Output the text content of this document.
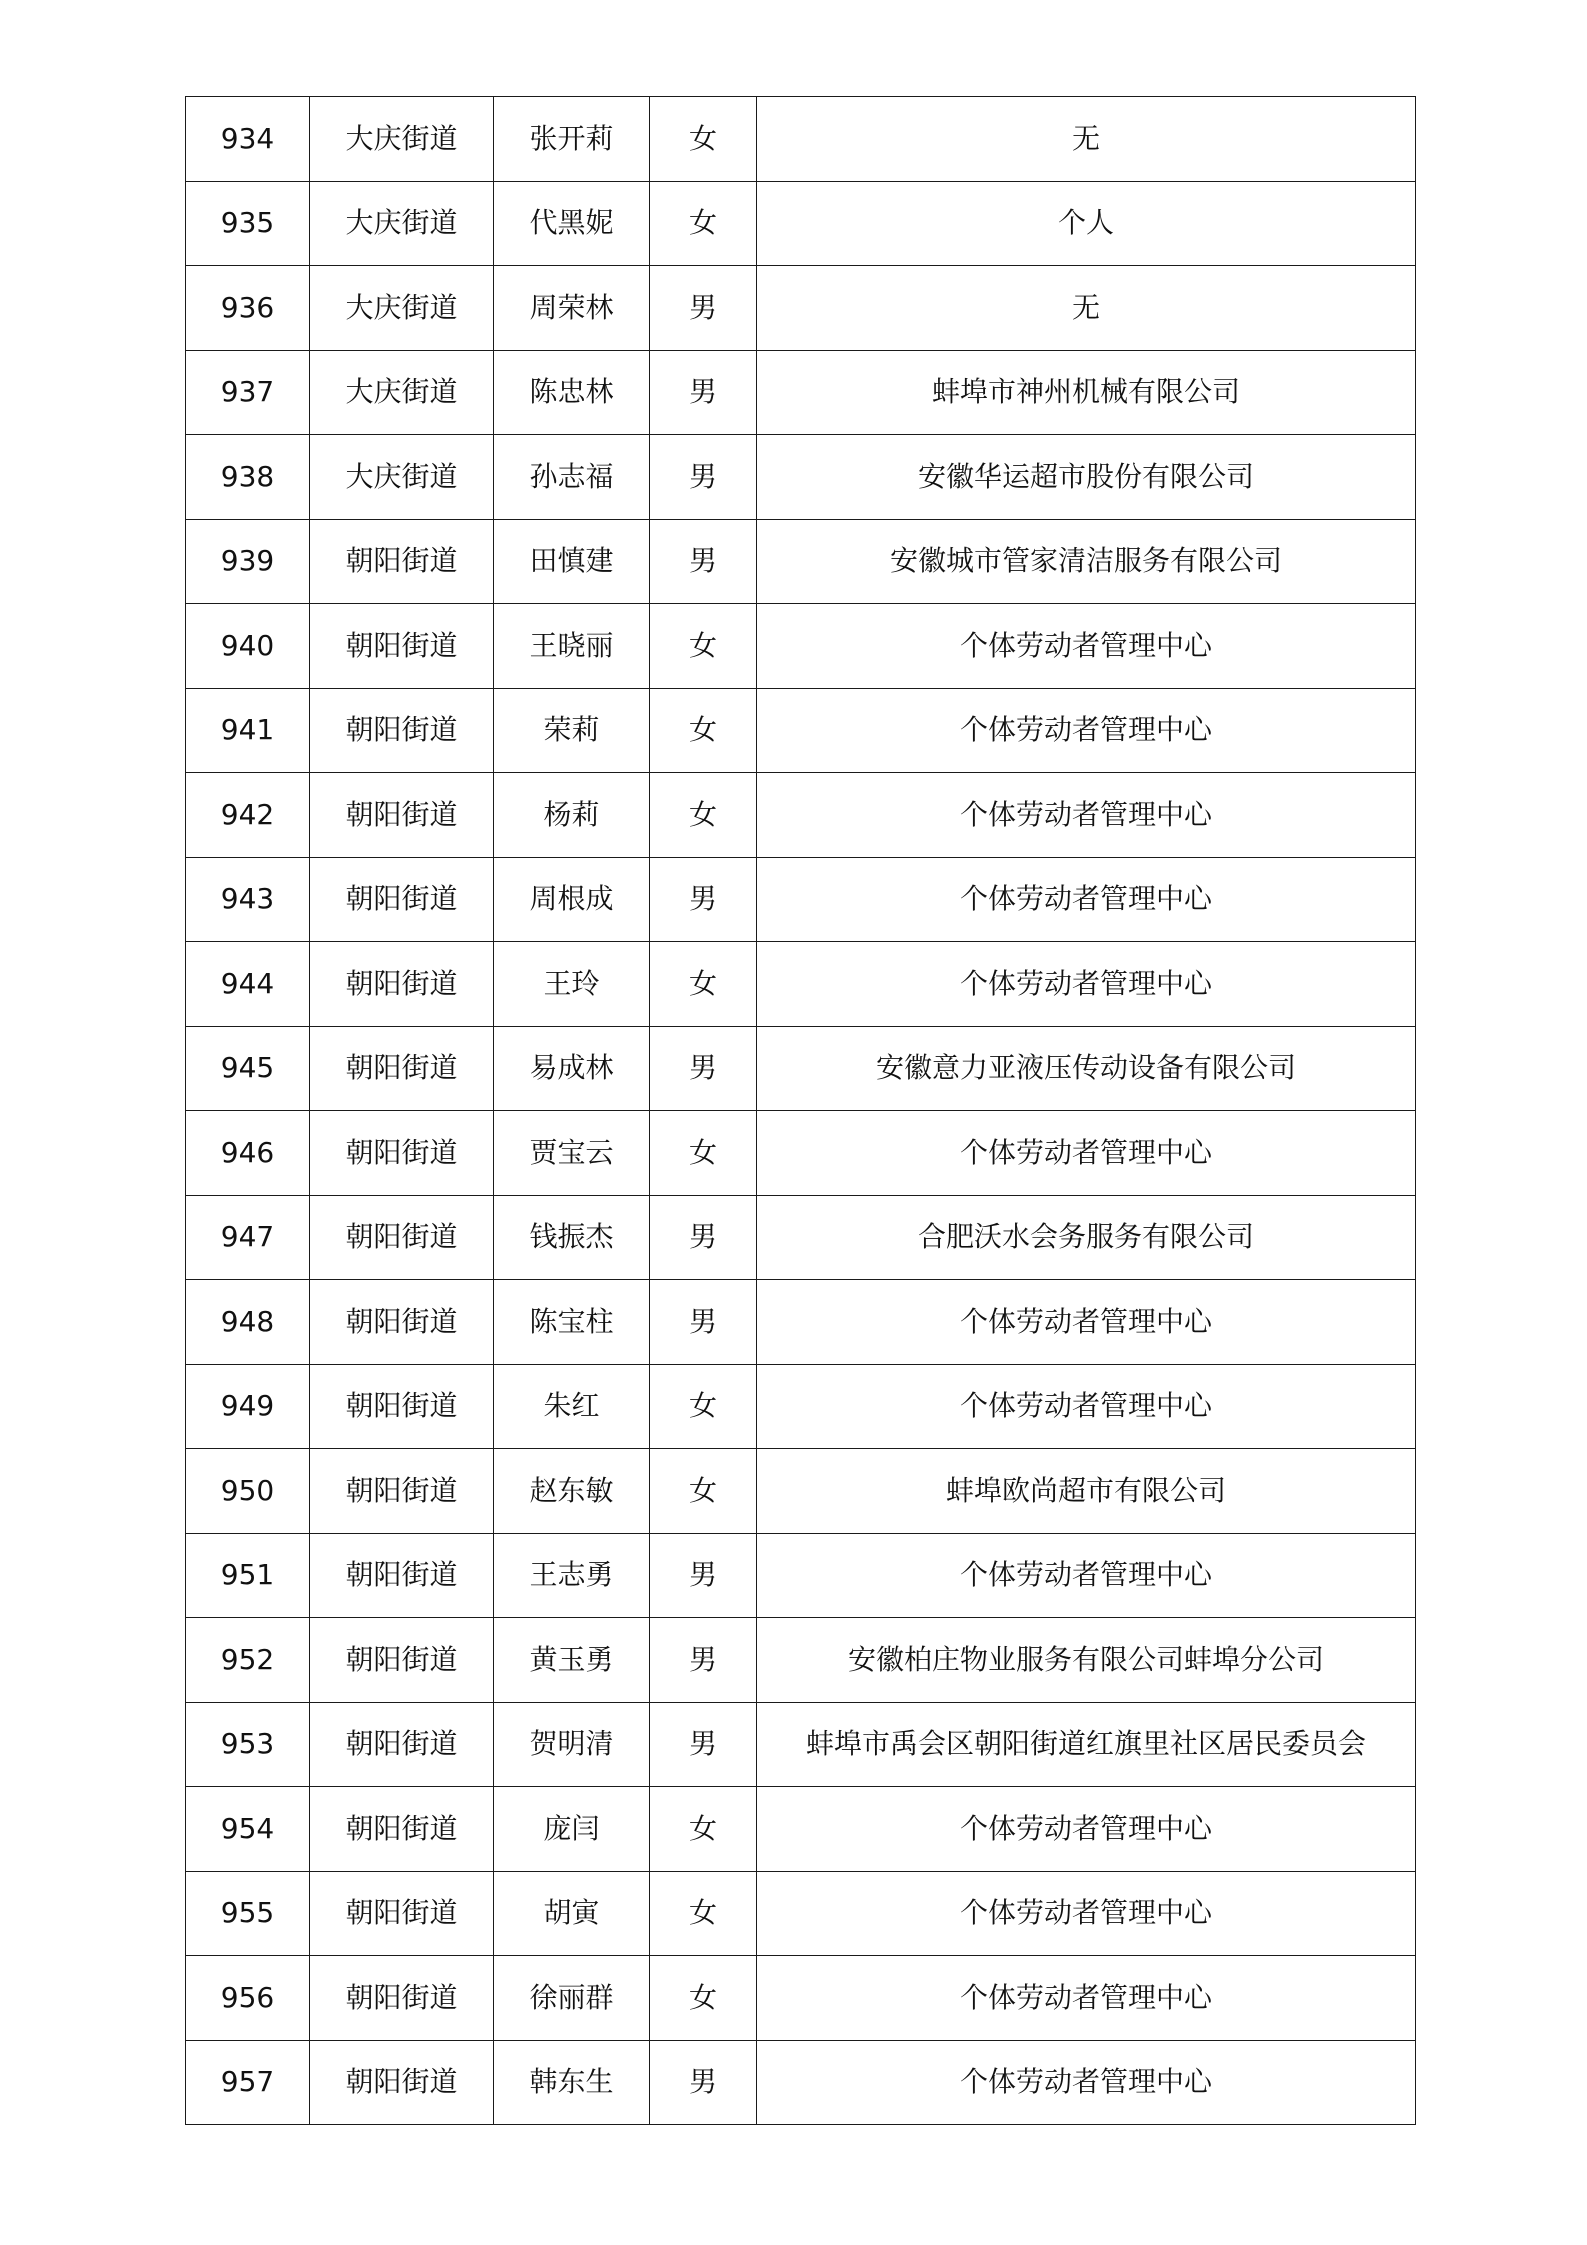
934	大庆街道	张开莉	女	无
935	大庆街道	代黑妮	女	个人
936	大庆街道	周荣林	男	无
937	大庆街道	陈忠林	男	蚌埠市神州机械有限公司
938	大庆街道	孙志福	男	安徽华运超市股份有限公司
939	朝阳街道	田慎建	男	安徽城市管家清洁服务有限公司
940	朝阳街道	王晓丽	女	个体劳动者管理中心
941	朝阳街道	荣莉	女	个体劳动者管理中心
942	朝阳街道	杨莉	女	个体劳动者管理中心
943	朝阳街道	周根成	男	个体劳动者管理中心
944	朝阳街道	王玲	女	个体劳动者管理中心
945	朝阳街道	易成林	男	安徽意力亚液压传动设备有限公司
946	朝阳街道	贾宝云	女	个体劳动者管理中心
947	朝阳街道	钱振杰	男	合肥沃水会务服务有限公司
948	朝阳街道	陈宝柱	男	个体劳动者管理中心
949	朝阳街道	朱红	女	个体劳动者管理中心
950	朝阳街道	赵东敏	女	蚌埠欧尚超市有限公司
951	朝阳街道	王志勇	男	个体劳动者管理中心
952	朝阳街道	黄玉勇	男	安徽柏庄物业服务有限公司蚌埠分公司
953	朝阳街道	贺明清	男	蚌埠市禹会区朝阳街道红旗里社区居民委员会
954	朝阳街道	庞闫	女	个体劳动者管理中心
955	朝阳街道	胡寅	女	个体劳动者管理中心
956	朝阳街道	徐丽群	女	个体劳动者管理中心
957	朝阳街道	韩东生	男	个体劳动者管理中心
